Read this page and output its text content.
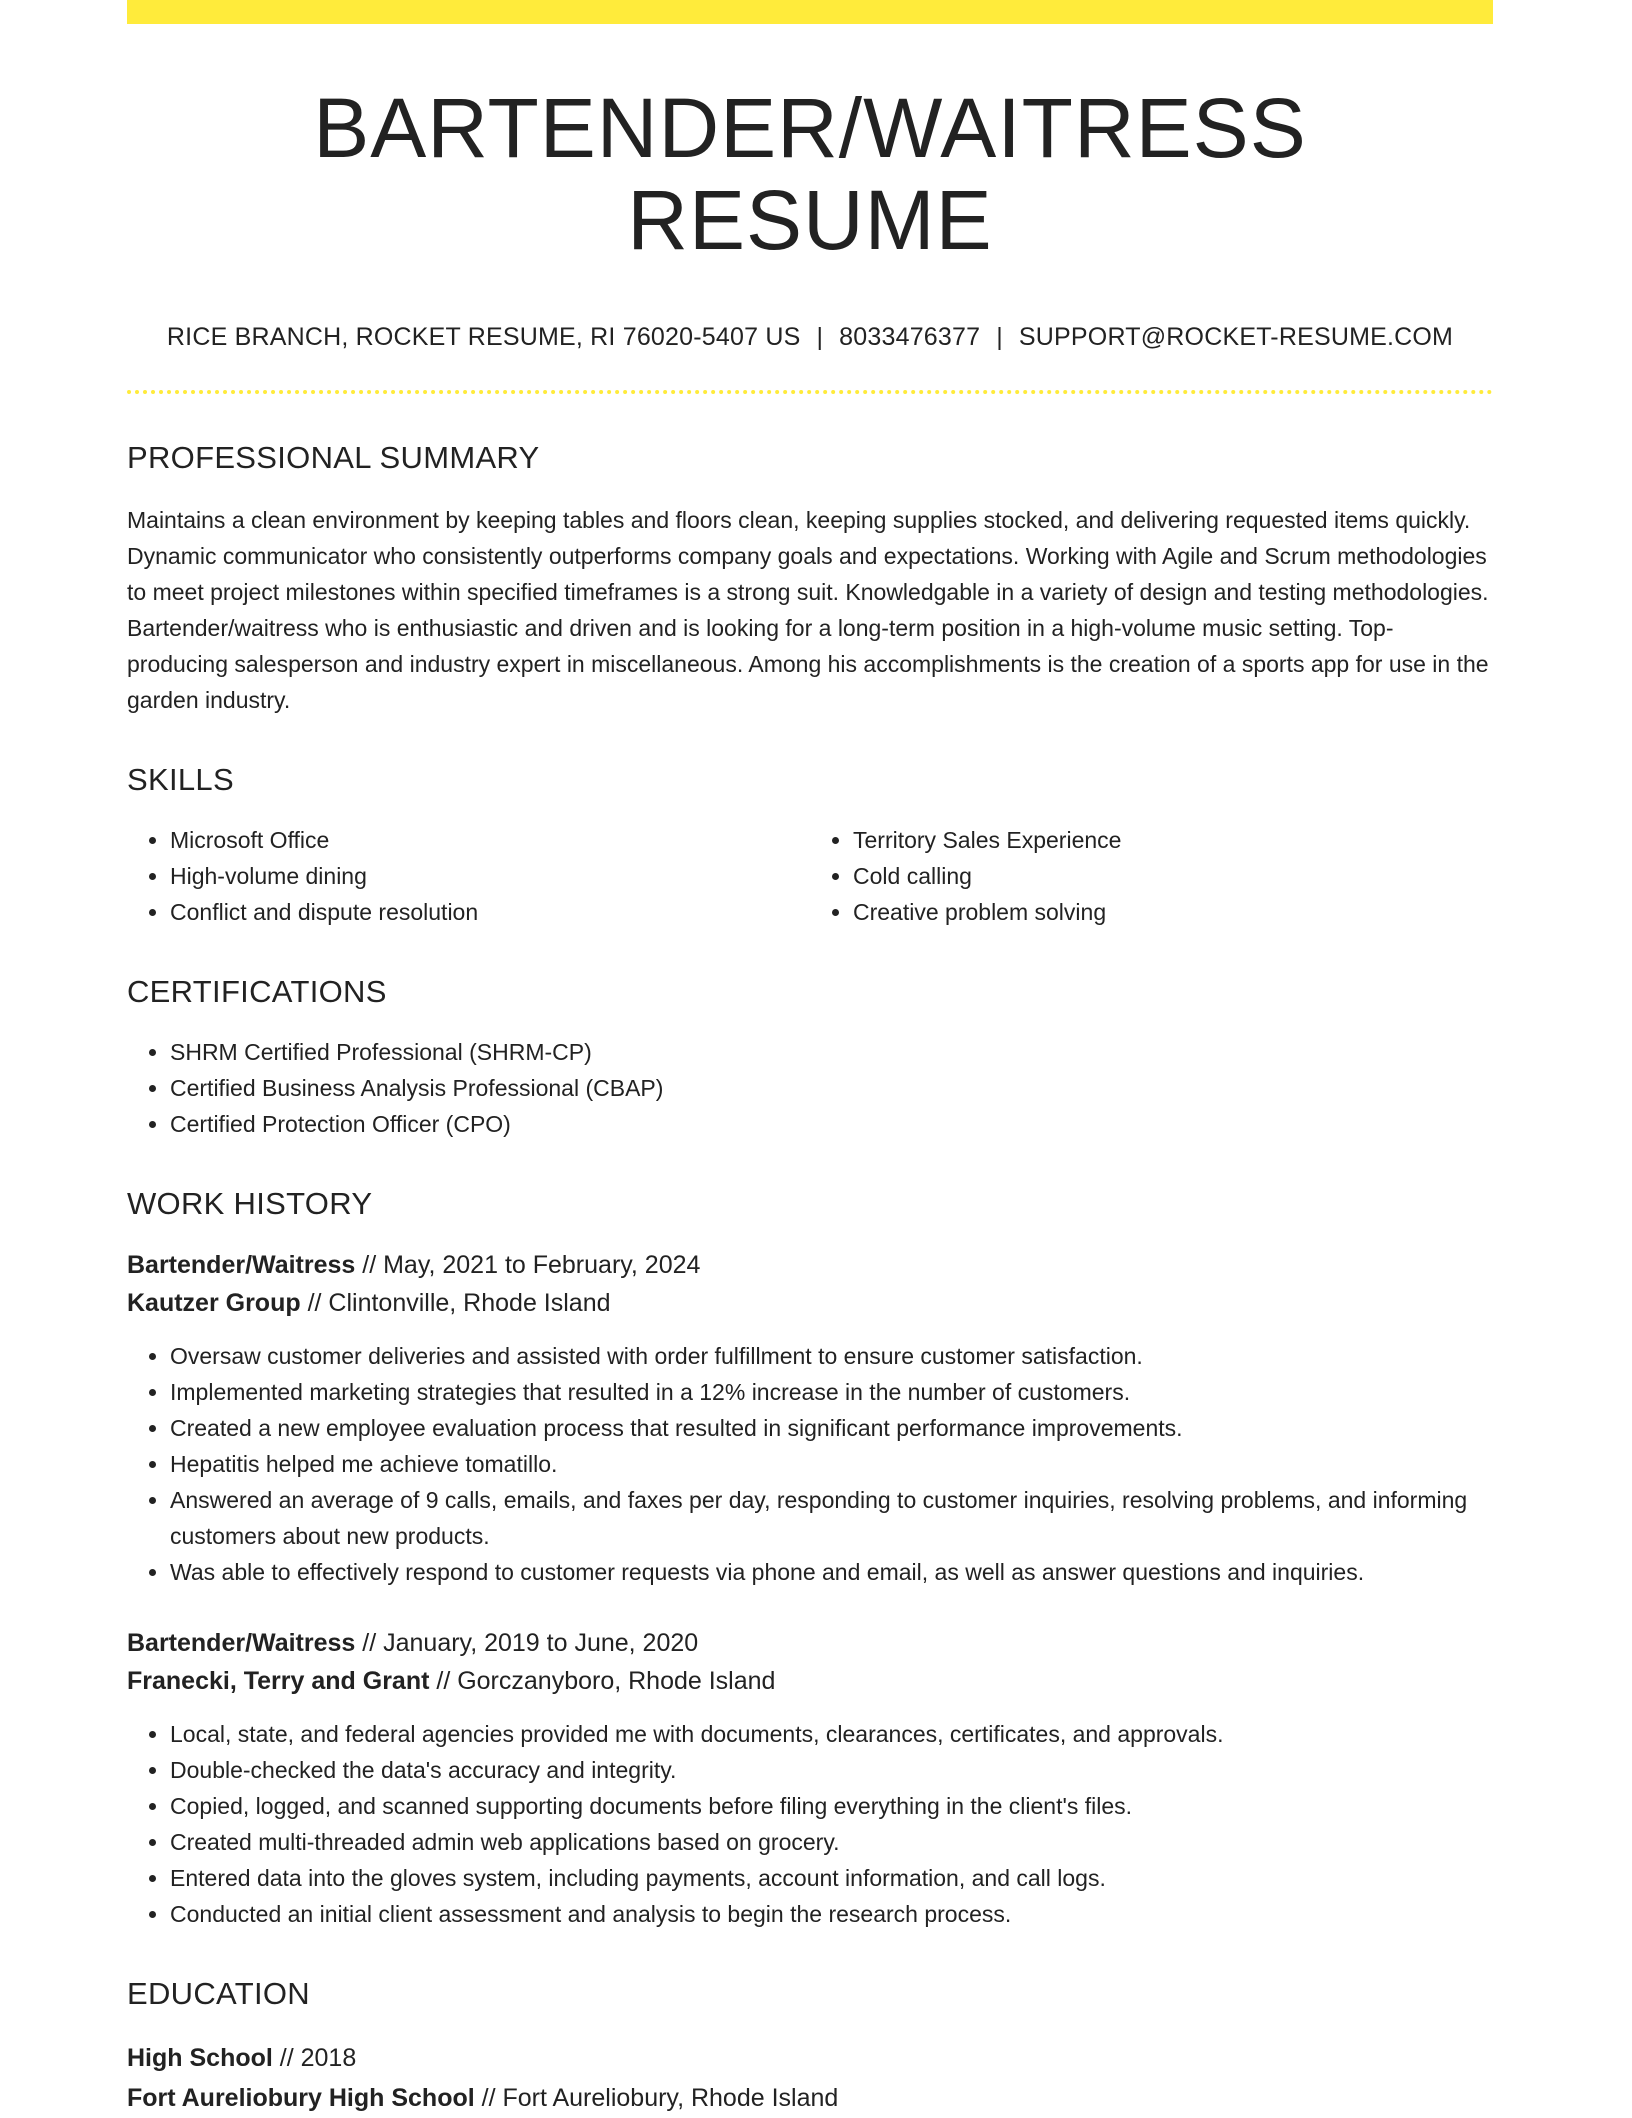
BARTENDER/WAITRESS RESUME
RICE BRANCH, ROCKET RESUME, RI 76020-5407 US | 8033476377 | SUPPORT@ROCKET-RESUME.COM
PROFESSIONAL SUMMARY

Maintains a clean environment by keeping tables and floors clean, keeping supplies stocked, and delivering requested items quickly. Dynamic communicator who consistently outperforms company goals and expectations. Working with Agile and Scrum methodologies to meet project milestones within specified timeframes is a strong suit. Knowledgable in a variety of design and testing methodologies. Bartender/waitress who is enthusiastic and driven and is looking for a long-term position in a high-volume music setting. Top-producing salesperson and industry expert in miscellaneous. Among his accomplishments is the creation of a sports app for use in the garden industry.

SKILLS
• Microsoft Office
• High-volume dining
• Conflict and dispute resolution
• Territory Sales Experience
• Cold calling
• Creative problem solving
CERTIFICATIONS
• SHRM Certified Professional (SHRM-CP)
• Certified Business Analysis Professional (CBAP)
• Certified Protection Officer (CPO)
WORK HISTORY
Bartender/Waitress // May, 2021 to February, 2024
Kautzer Group // Clintonville, Rhode Island
• Oversaw customer deliveries and assisted with order fulfillment to ensure customer satisfaction.
• Implemented marketing strategies that resulted in a 12% increase in the number of customers.
• Created a new employee evaluation process that resulted in significant performance improvements.
• Hepatitis helped me achieve tomatillo.
• Answered an average of 9 calls, emails, and faxes per day, responding to customer inquiries, resolving problems, and informing customers about new products.
• Was able to effectively respond to customer requests via phone and email, as well as answer questions and inquiries.
Bartender/Waitress // January, 2019 to June, 2020
Franecki, Terry and Grant // Gorczanyboro, Rhode Island
• Local, state, and federal agencies provided me with documents, clearances, certificates, and approvals.
• Double-checked the data's accuracy and integrity.
• Copied, logged, and scanned supporting documents before filing everything in the client's files.
• Created multi-threaded admin web applications based on grocery.
• Entered data into the gloves system, including payments, account information, and call logs.
• Conducted an initial client assessment and analysis to begin the research process.
EDUCATION
High School // 2018
Fort Aureliobury High School // Fort Aureliobury, Rhode Island
